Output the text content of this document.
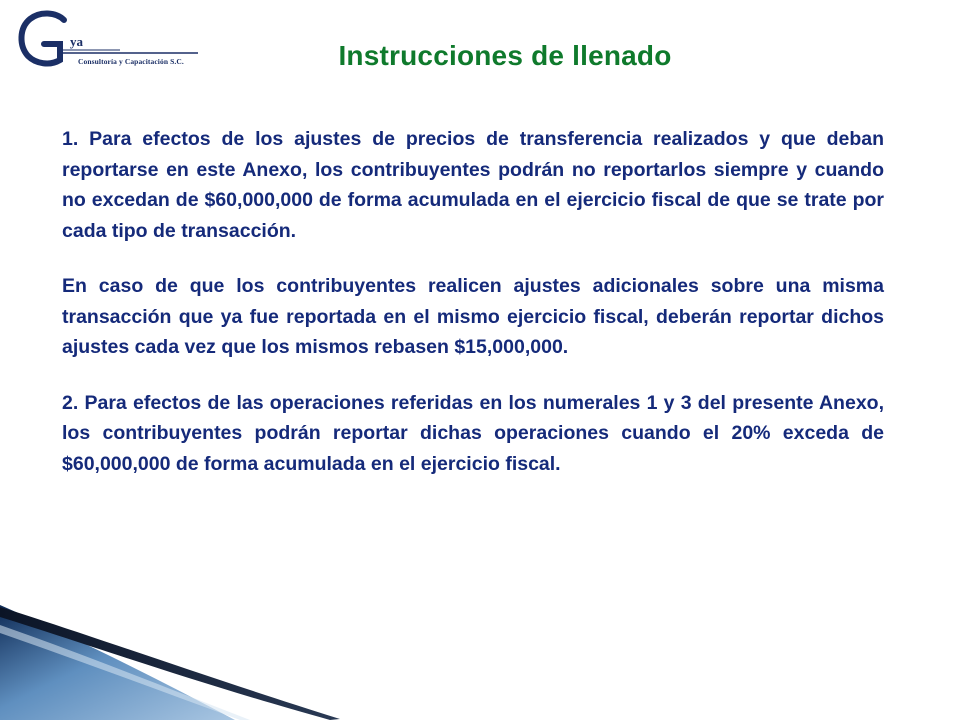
ya
Consultoría y Capacitación S.C.	Instrucciones de llenado

1. Para efectos de los ajustes de precios de transferencia realizados y que deban reportarse en este Anexo, los contribuyentes podrán no reportarlos siempre y cuando no excedan de $60,000,000 de forma acumulada en el ejercicio fiscal de que se trate por cada tipo de transacción.

En caso de que los contribuyentes realicen ajustes adicionales sobre una misma transacción que ya fue reportada en el mismo ejercicio fiscal, deberán reportar dichos ajustes cada vez que los mismos rebasen $15,000,000.

2. Para efectos de las operaciones referidas en los numerales 1 y 3 del presente Anexo, los contribuyentes podrán reportar dichas operaciones cuando el 20% exceda de $60,000,000 de forma acumulada en el ejercicio fiscal.
